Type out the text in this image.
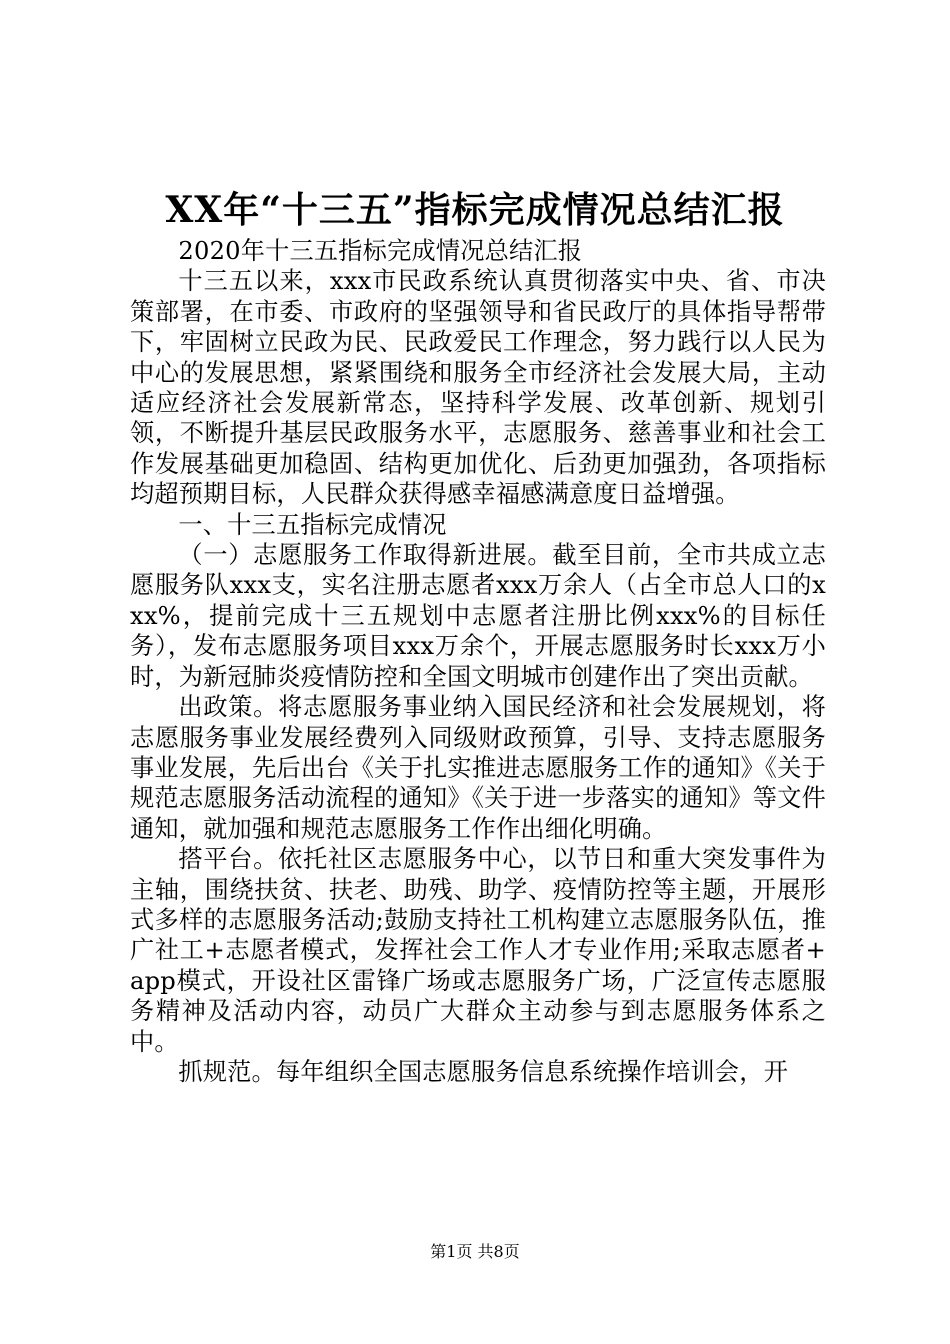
XX年“十三五”指标完成情况总结汇报

2020年十三五指标完成情况总结汇报

十三五以来，xxx市民政系统认真贯彻落实中央、省、市决策部署，在市委、市政府的坚强领导和省民政厅的具体指导帮带下，牢固树立民政为民、民政爱民工作理念，努力践行以人民为中心的发展思想，紧紧围绕和服务全市经济社会发展大局，主动适应经济社会发展新常态，坚持科学发展、改革创新、规划引领，不断提升基层民政服务水平，志愿服务、慈善事业和社会工作发展基础更加稳固、结构更加优化、后劲更加强劲，各项指标均超预期目标，人民群众获得感幸福感满意度日益增强。

一、十三五指标完成情况

（一）志愿服务工作取得新进展。截至目前，全市共成立志愿服务队xxx支，实名注册志愿者xxx万余人（占全市总人口的xxx%，提前完成十三五规划中志愿者注册比例xxx%的目标任务），发布志愿服务项目xxx万余个，开展志愿服务时长xxx万小时，为新冠肺炎疫情防控和全国文明城市创建作出了突出贡献。

出政策。将志愿服务事业纳入国民经济和社会发展规划，将志愿服务事业发展经费列入同级财政预算，引导、支持志愿服务事业发展，先后出台《关于扎实推进志愿服务工作的通知》《关于规范志愿服务活动流程的通知》《关于进一步落实的通知》等文件通知，就加强和规范志愿服务工作作出细化明确。

搭平台。依托社区志愿服务中心，以节日和重大突发事件为主轴，围绕扶贫、扶老、助残、助学、疫情防控等主题，开展形式多样的志愿服务活动;鼓励支持社工机构建立志愿服务队伍，推广社工+志愿者模式，发挥社会工作人才专业作用;采取志愿者+app模式，开设社区雷锋广场或志愿服务广场，广泛宣传志愿服务精神及活动内容，动员广大群众主动参与到志愿服务体系之中。

抓规范。每年组织全国志愿服务信息系统操作培训会，开

第1页 共8页
